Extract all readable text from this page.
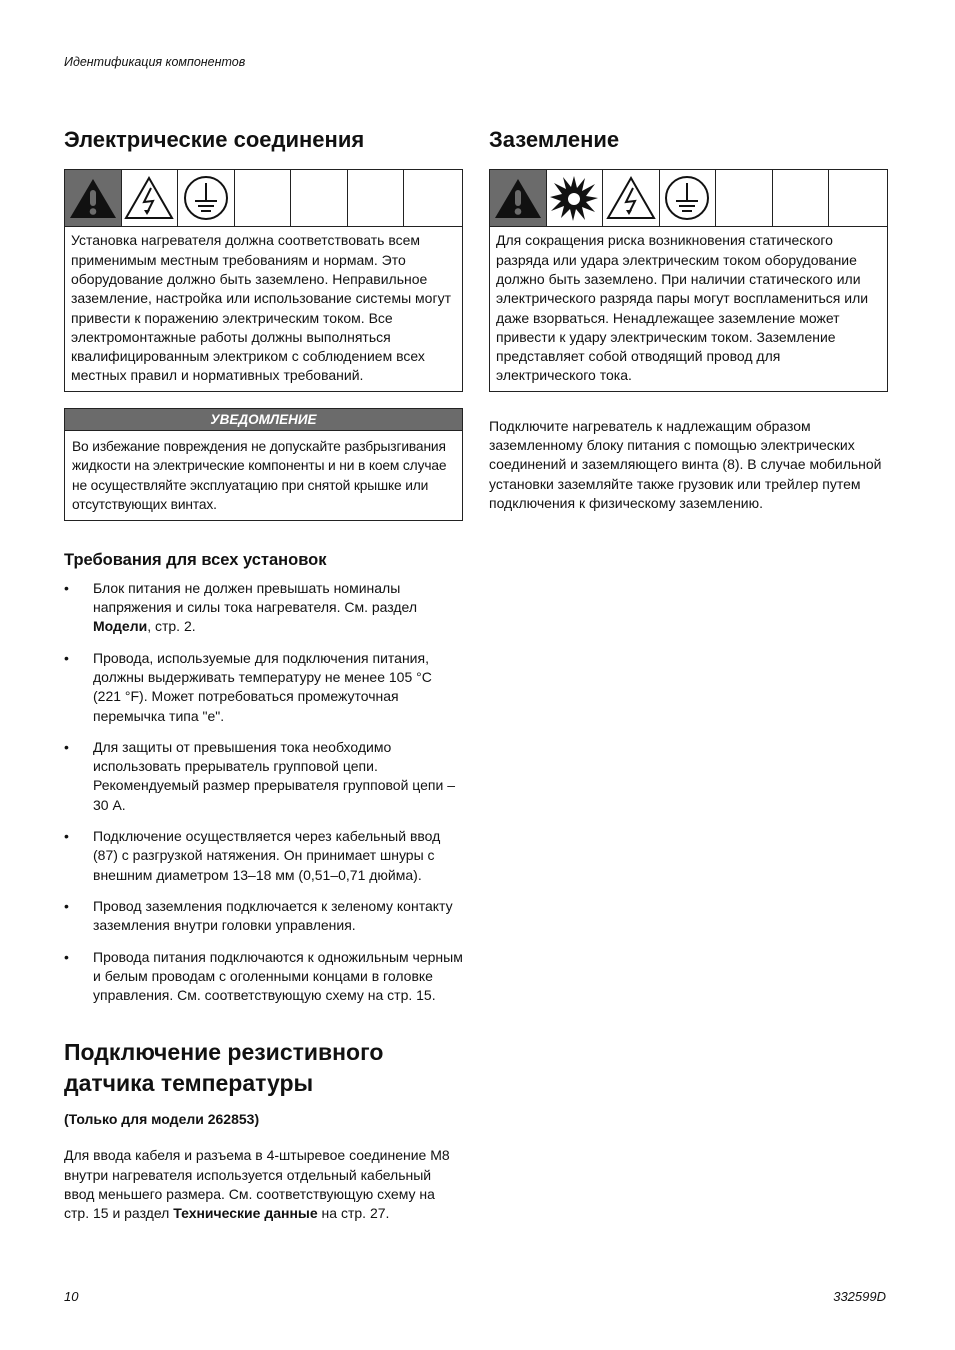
Идентификация компонентов
Электрические соединения
Установка нагревателя должна соответствовать всем применимым местным требованиям и нормам. Это оборудование должно быть заземлено. Неправильное заземление, настройка или использование системы могут привести к поражению электрическим током. Все электромонтажные работы должны выполняться квалифицированным электриком с соблюдением всех местных правил и нормативных требований.
УВЕДОМЛЕНИЕ
Во избежание повреждения не допускайте разбрызгивания жидкости на электрические компоненты и ни в коем случае не осуществляйте эксплуатацию при снятой крышке или отсутствующих винтах.
Требования для всех установок
• Блок питания не должен превышать номиналы напряжения и силы тока нагревателя. См. раздел Модели, стр. 2.
• Провода, используемые для подключения питания, должны выдерживать температуру не менее 105 °C (221 °F). Может потребоваться промежуточная перемычка типа "e".
• Для защиты от превышения тока необходимо использовать прерыватель групповой цепи. Рекомендуемый размер прерывателя групповой цепи – 30 А.
• Подключение осуществляется через кабельный ввод (87) с разгрузкой натяжения. Он принимает шнуры с внешним диаметром 13–18 мм (0,51–0,71 дюйма).
• Провод заземления подключается к зеленому контакту заземления внутри головки управления.
• Провода питания подключаются к одножильным черным и белым проводам с оголенными концами в головке управления. См. соответствующую схему на стр. 15.
Подключение резистивного
датчика температуры
(Только для модели 262853)

Для ввода кабеля и разъема в 4-штыревое соединение M8 внутри нагревателя используется отдельный кабельный ввод меньшего размера. См. соответствующую схему на стр. 15 и раздел Технические данные на стр. 27.

Заземление
Для сокращения риска возникновения статического разряда или удара электрическим током оборудование должно быть заземлено. При наличии статического или электрического разряда пары могут воспламениться или даже взорваться. Ненадлежащее заземление может привести к удару электрическим током. Заземление представляет собой отводящий провод для электрического тока.

Подключите нагреватель к надлежащим образом заземленному блоку питания с помощью электрических соединений и заземляющего винта (8). В случае мобильной установки заземляйте также грузовик или трейлер путем подключения к физическому заземлению.

10	332599D
